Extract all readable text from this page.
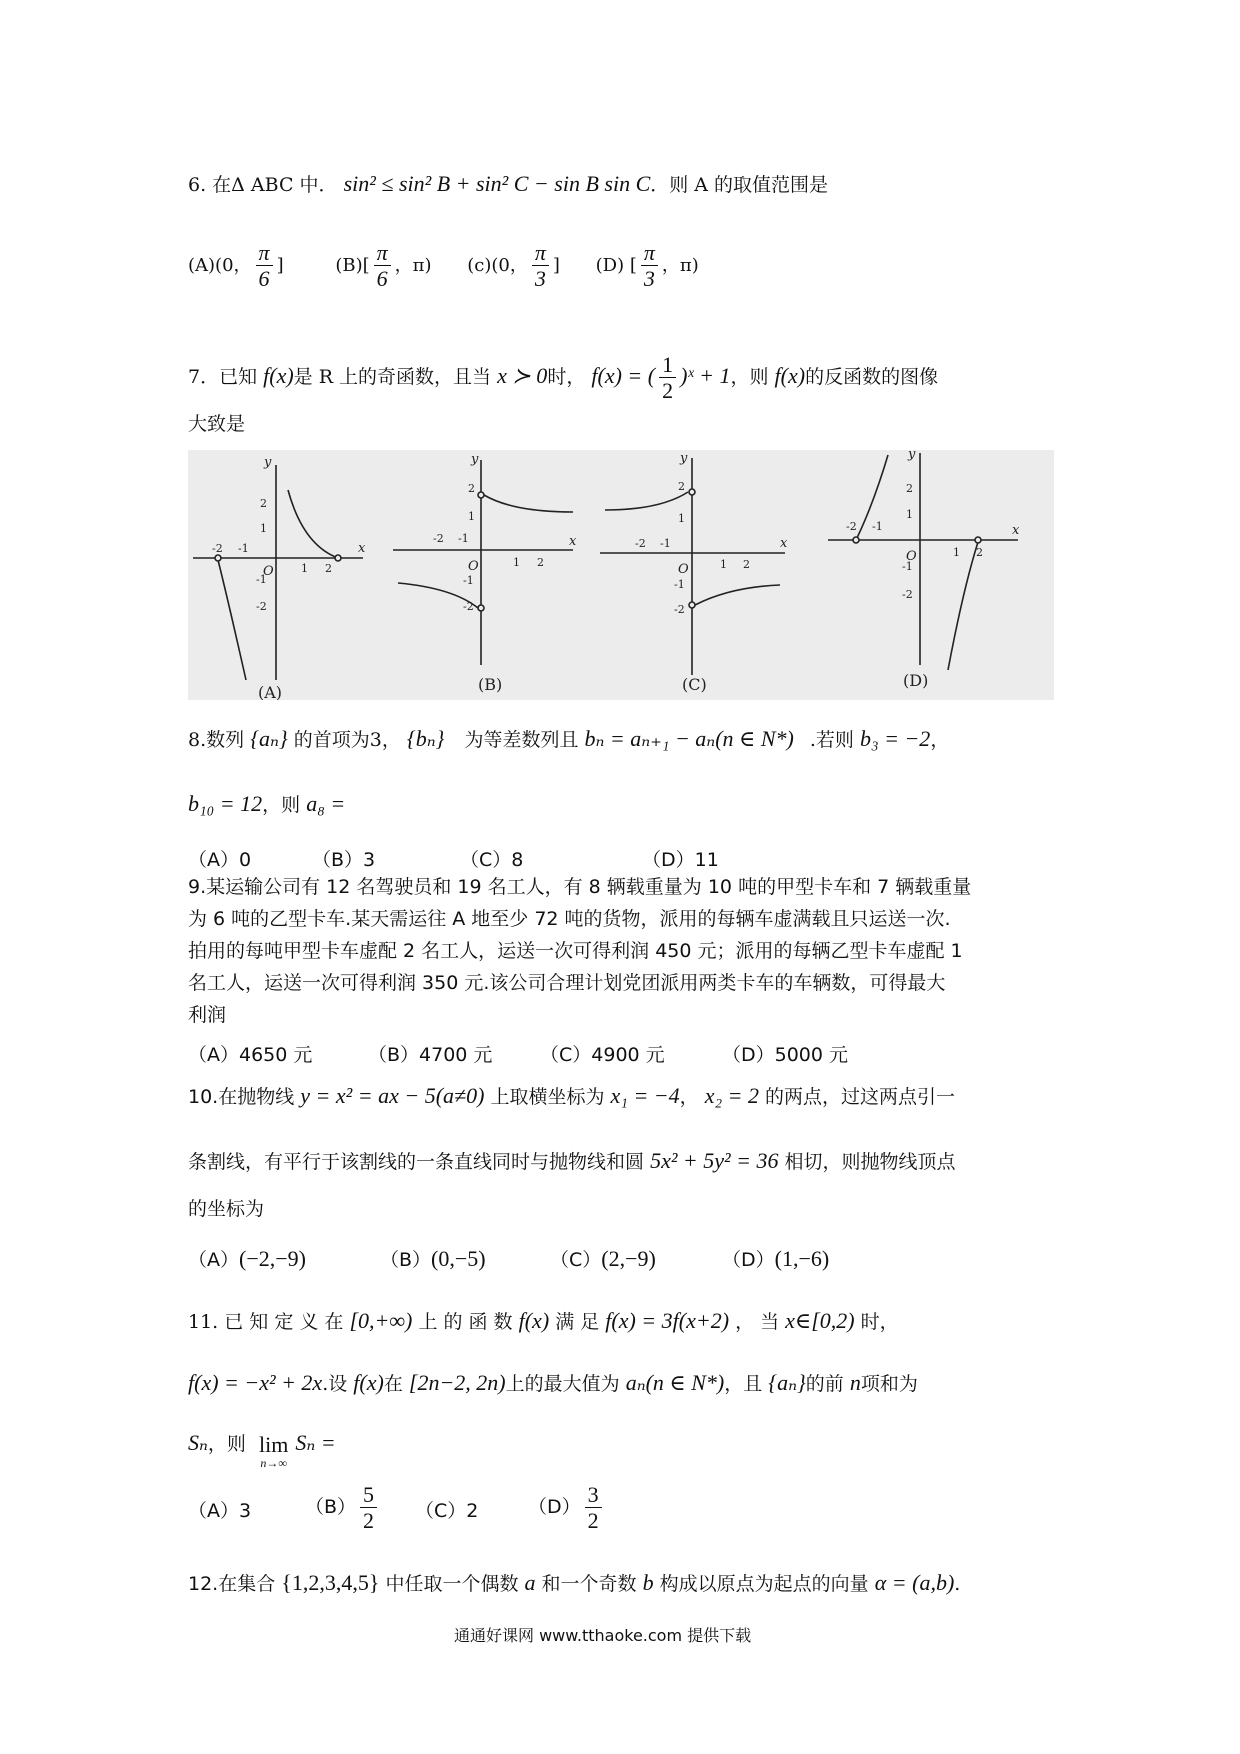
6. 在Δ ABC 中． sin² ≤ sin² B + sin² C − sin B sin C．则 A 的取值范围是
(A)(0， $\frac{\pi}{6}$ ]	$(B)[ \frac{\pi}{6}$ ，π) (c)(0， $\frac{\pi}{3}$ ] (D) [ $\frac{\pi}{3}$ ，π)
7．已知 f(x)是 R 上的奇函数，且当 x ≻ 0时， f(x) = ( $\frac{1}{2}$ )ˣ + 1，则 f(x)的反函数的图像
大致是
x
y
O
-2 -1
1 2
2
1
-1
-2
(A)
x
y
O
-2 -1
1 2
2
1
-1
-2
(B)
x
y
O
-2 -1
1 2
2
1
-1
-2
(C)
x
y
O
-2 -1
1 2
2
1
-1
-2
(D)
8.数列 {aₙ} 的首项为3， {bₙ} 为等差数列且 bₙ = aₙ₊₁ − aₙ(n ∈ N*) .若则 b₃ = −2，
b₁₀ = 12，则 a₈ =
（A）0	（B）3	（C）8	（D）11
9.某运输公司有 12 名驾驶员和 19 名工人，有 8 辆载重量为 10 吨的甲型卡车和 7 辆载重量
为 6 吨的乙型卡车.某天需运往 A 地至少 72 吨的货物，派用的每辆车虚满载且只运送一次.
拍用的每吨甲型卡车虚配 2 名工人，运送一次可得利润 450 元；派用的每辆乙型卡车虚配 1
名工人，运送一次可得利润 350 元.该公司合理计划党团派用两类卡车的车辆数，可得最大
利润
（A）4650 元	（B）4700 元	（C）4900 元	（D）5000 元
10.在抛物线 y = x² = ax − 5(a≠0) 上取横坐标为 x₁ = −4， x₂ = 2 的两点，过这两点引一
条割线，有平行于该割线的一条直线同时与抛物线和圆 5x² + 5y² = 36 相切，则抛物线顶点
的坐标为
（A）(−2,−9)	（B）(0,−5)	（C）(2,−9)	（D）(1,−6)
11. 已 知 定 义 在 [0,+∞) 上 的 函 数 f(x) 满 足 f(x) = 3f(x+2) ， 当 x∈[0,2) 时，
f(x) = −x² + 2x.设 f(x)在 [2n−2, 2n)上的最大值为 aₙ(n ∈ N*)，且 {aₙ}的前 n项和为
Sₙ，则 lim
n→∞
Sₙ =
（A）3	$(B) \frac{5}{2} (C)2$	$(D) \frac{3}{2}$
12.在集合 {1,2,3,4,5} 中任取一个偶数 a 和一个奇数 b 构成以原点为起点的向量 α = (a,b).
通通好课网 www.tthaoke.com 提供下载
